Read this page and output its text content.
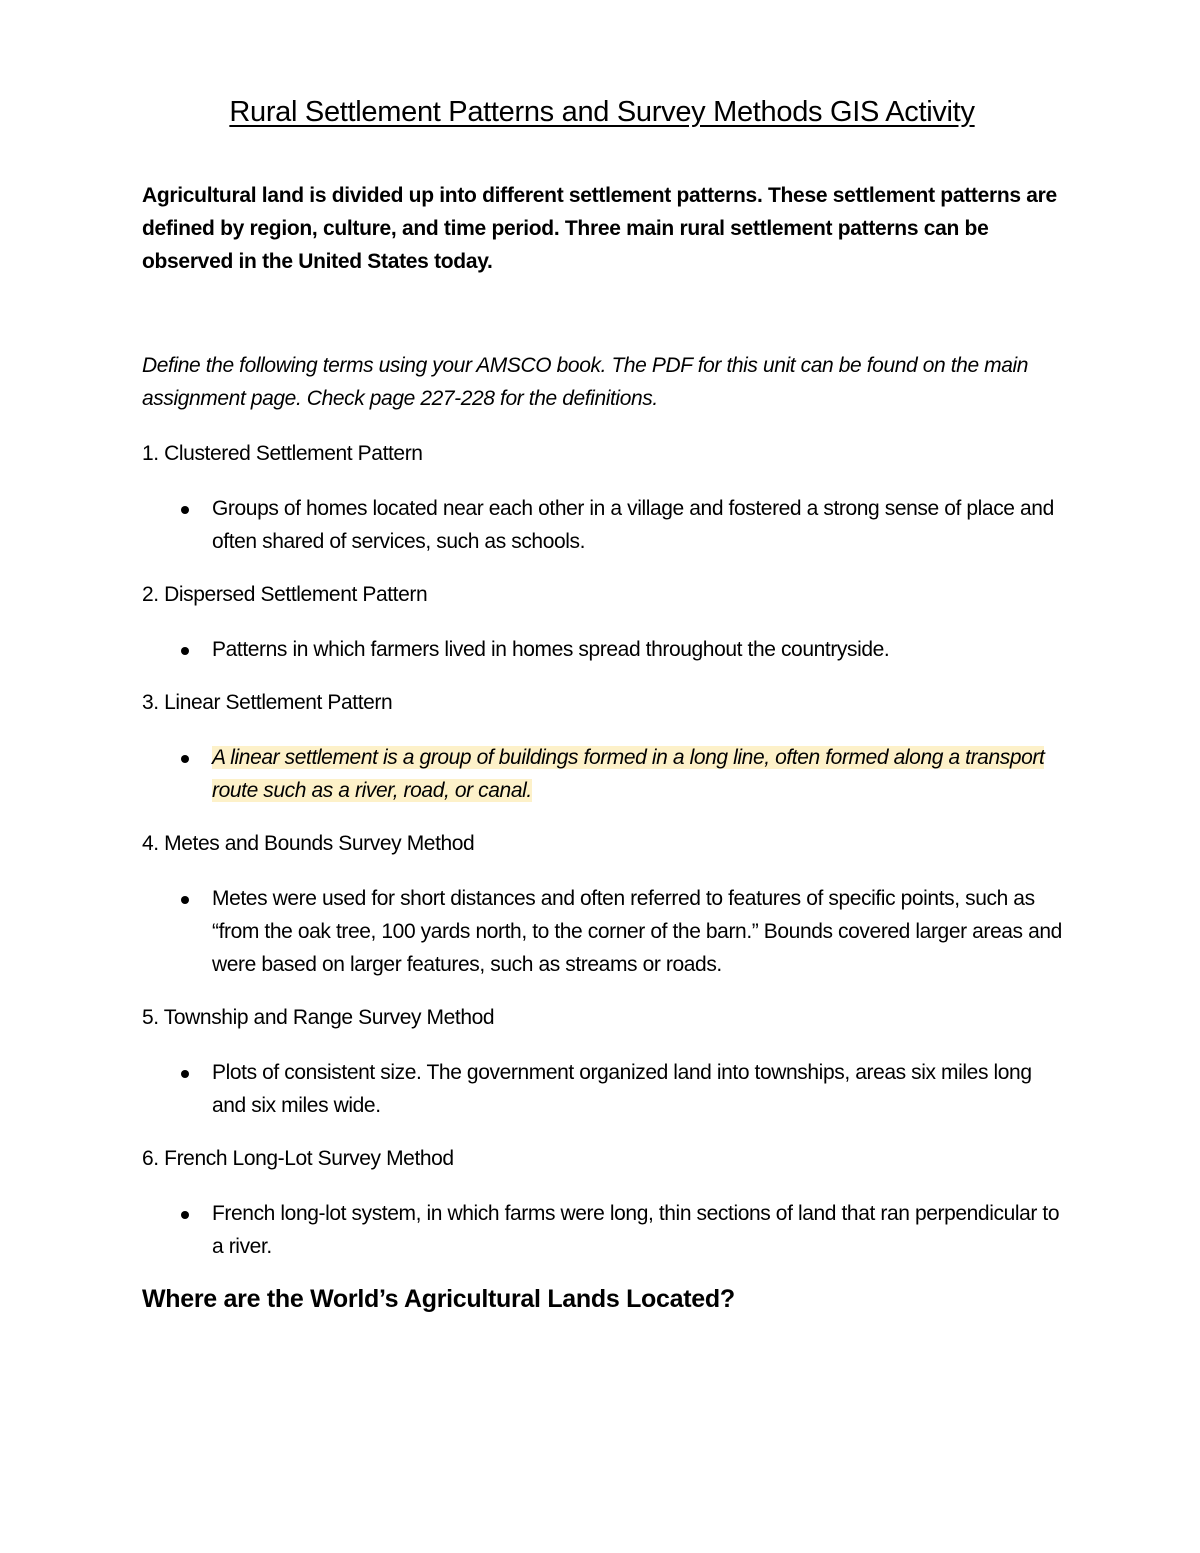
Rural Settlement Patterns and Survey Methods GIS Activity
Agricultural land is divided up into different settlement patterns. These settlement patterns are defined by region, culture, and time period. Three main rural settlement patterns can be observed in the United States today.
Define the following terms using your AMSCO book. The PDF for this unit can be found on the main assignment page. Check page 227-228 for the definitions.
1. Clustered Settlement Pattern
Groups of homes located near each other in a village and fostered a strong sense of place and often shared of services, such as schools.
2. Dispersed Settlement Pattern
Patterns in which farmers lived in homes spread throughout the countryside.
3. Linear Settlement Pattern
A linear settlement is a group of buildings formed in a long line, often formed along a transport route such as a river, road, or canal.
4. Metes and Bounds Survey Method
Metes were used for short distances and often referred to features of specific points, such as “from the oak tree, 100 yards north, to the corner of the barn.” Bounds covered larger areas and were based on larger features, such as streams or roads.
5. Township and Range Survey Method
Plots of consistent size. The government organized land into townships, areas six miles long and six miles wide.
6. French Long-Lot Survey Method
French long-lot system, in which farms were long, thin sections of land that ran perpendicular to a river.
Where are the World’s Agricultural Lands Located?
